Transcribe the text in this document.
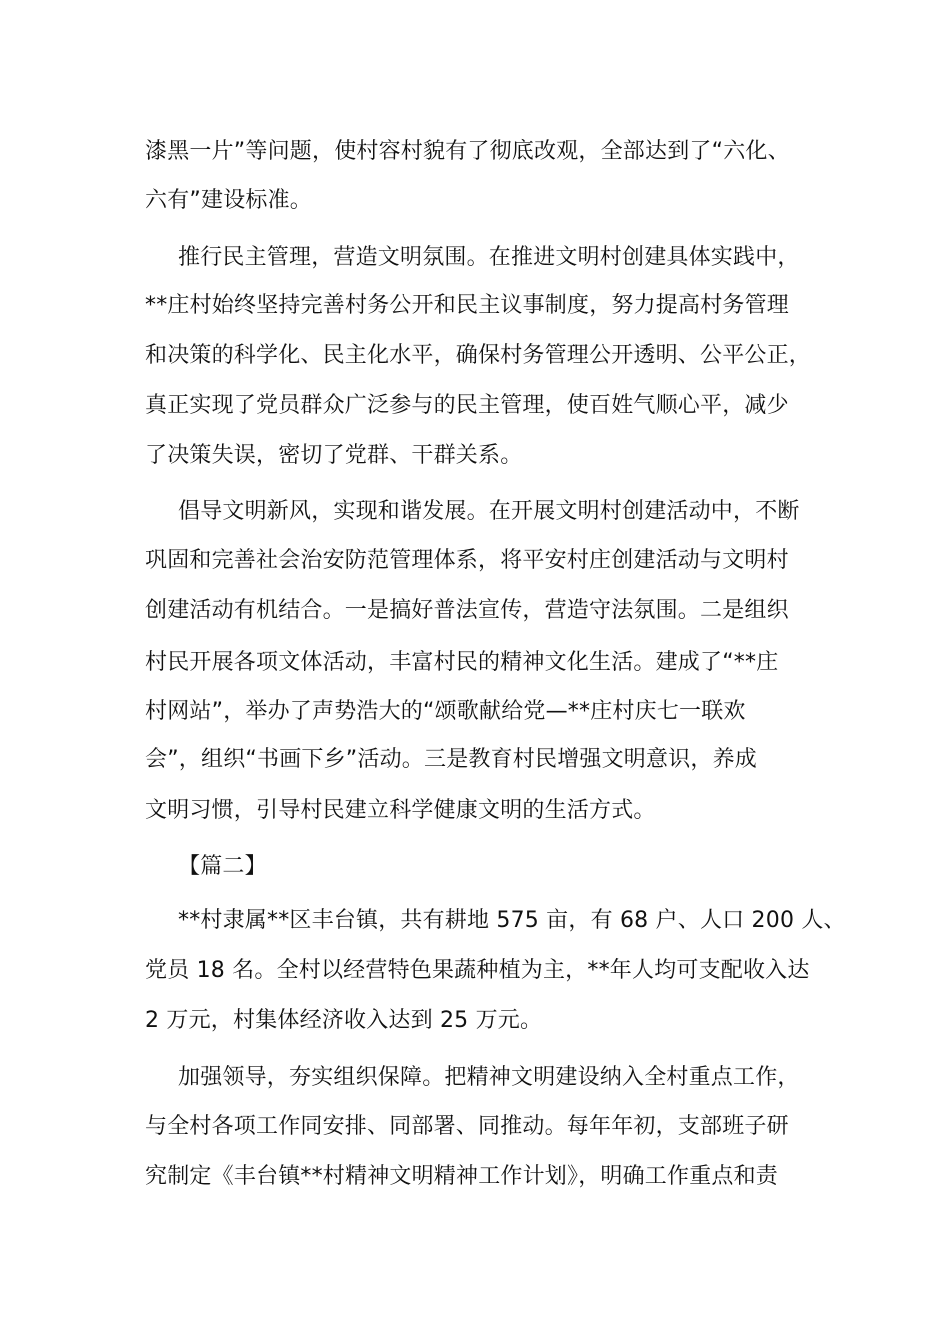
漆黑一片”等问题，使村容村貌有了彻底改观，全部达到了“六化、
六有”建设标准。
推行民主管理，营造文明氛围。在推进文明村创建具体实践中，
**庄村始终坚持完善村务公开和民主议事制度，努力提高村务管理
和决策的科学化、民主化水平，确保村务管理公开透明、公平公正，
真正实现了党员群众广泛参与的民主管理，使百姓气顺心平，减少
了决策失误，密切了党群、干群关系。
倡导文明新风，实现和谐发展。在开展文明村创建活动中，不断
巩固和完善社会治安防范管理体系，将平安村庄创建活动与文明村
创建活动有机结合。一是搞好普法宣传，营造守法氛围。二是组织
村民开展各项文体活动，丰富村民的精神文化生活。建成了“**庄
村网站”，举办了声势浩大的“颂歌献给党—**庄村庆七一联欢
会”，组织“书画下乡”活动。三是教育村民增强文明意识，养成
文明习惯，引导村民建立科学健康文明的生活方式。
【篇二】
**村隶属**区丰台镇，共有耕地 575 亩，有 68 户、人口 200 人、
党员 18 名。全村以经营特色果蔬种植为主，**年人均可支配收入达
2 万元，村集体经济收入达到 25 万元。
加强领导，夯实组织保障。把精神文明建设纳入全村重点工作，
与全村各项工作同安排、同部署、同推动。每年年初，支部班子研
究制定《丰台镇**村精神文明精神工作计划》，明确工作重点和责
